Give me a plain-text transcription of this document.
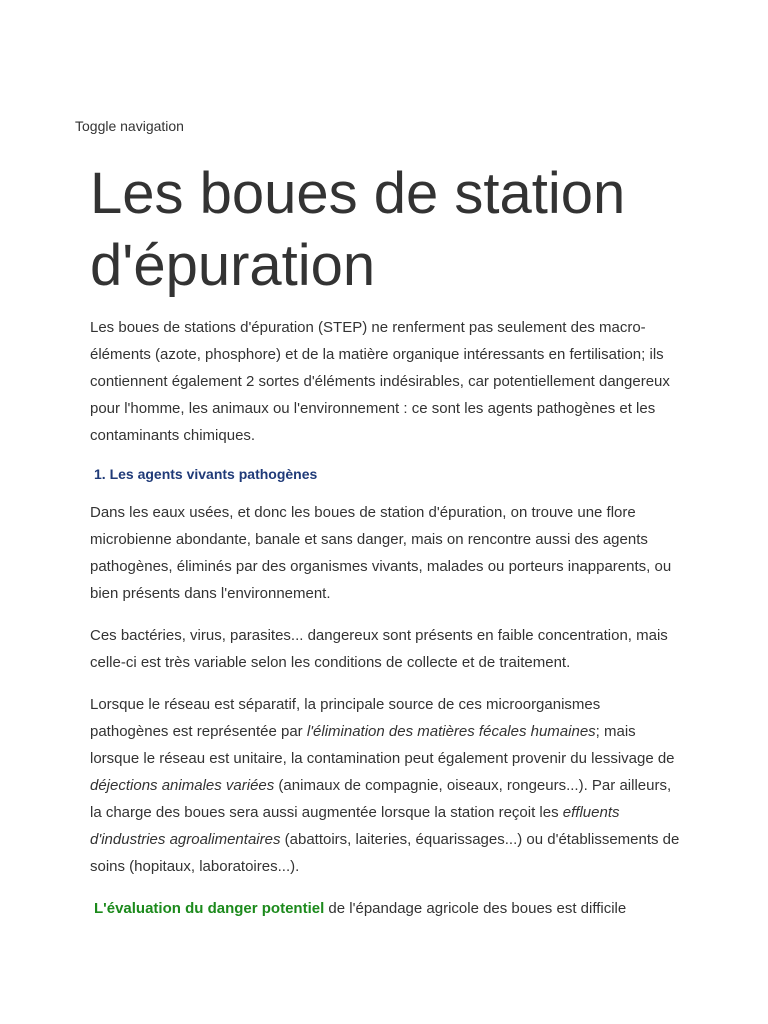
Toggle navigation
Les boues de station d'épuration

Les boues de stations d'épuration (STEP) ne renferment pas seulement des macro-éléments (azote, phosphore) et de la matière organique intéressants en fertilisation; ils contiennent également 2 sortes d'éléments indésirables, car potentiellement dangereux pour l'homme, les animaux ou l'environnement : ce sont les agents pathogènes et les contaminants chimiques.

1. Les agents vivants pathogènes

Dans les eaux usées, et donc les boues de station d'épuration, on trouve une flore microbienne abondante, banale et sans danger, mais on rencontre aussi des agents pathogènes, éliminés par des organismes vivants, malades ou porteurs inapparents, ou bien présents dans l'environnement.

Ces bactéries, virus, parasites... dangereux sont présents en faible concentration, mais celle-ci est très variable selon les conditions de collecte et de traitement.

Lorsque le réseau est séparatif, la principale source de ces microorganismes pathogènes est représentée par l'élimination des matières fécales humaines; mais lorsque le réseau est unitaire, la contamination peut également provenir du lessivage de déjections animales variées (animaux de compagnie, oiseaux, rongeurs...). Par ailleurs, la charge des boues sera aussi augmentée lorsque la station reçoit les effluents d'industries agroalimentaires (abattoirs, laiteries, équarissages...) ou d'établissements de soins (hopitaux, laboratoires...).

L'évaluation du danger potentiel de l'épandage agricole des boues est difficile
